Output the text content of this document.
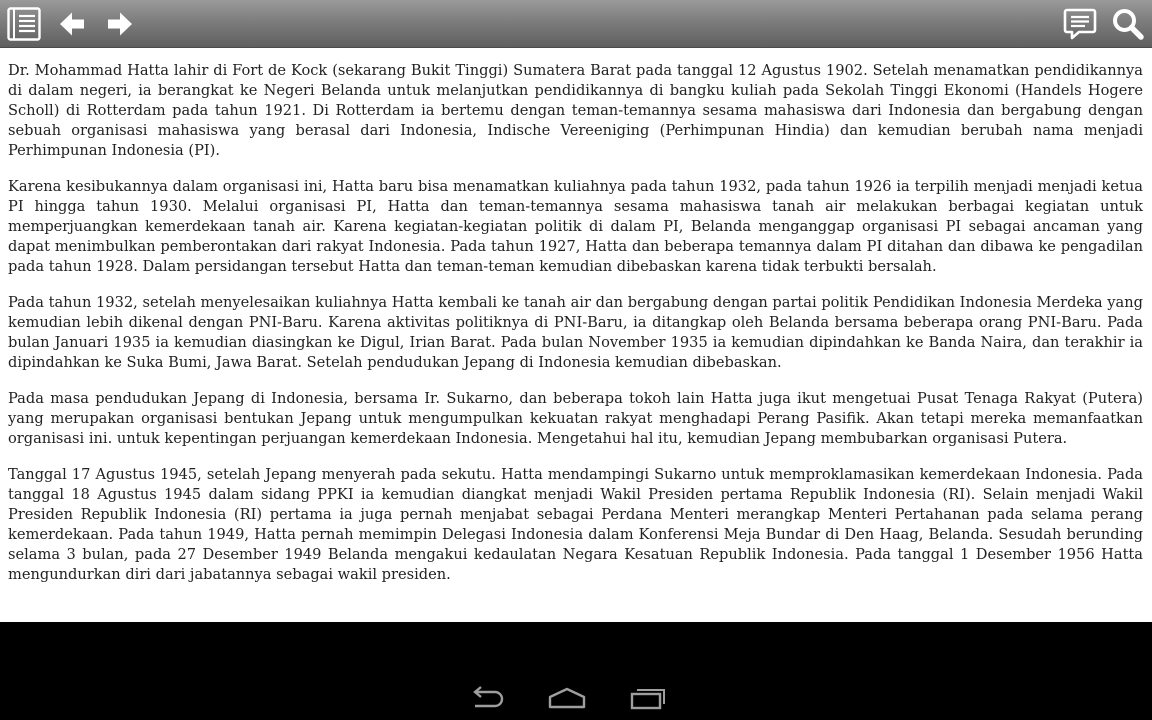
Dr. Mohammad Hatta lahir di Fort de Kock (sekarang Bukit Tinggi) Sumatera Barat pada tanggal 12 Agustus 1902. Setelah menamatkan pendidikannya di dalam negeri, ia berangkat ke Negeri Belanda untuk melanjutkan pendidikannya di bangku kuliah pada Sekolah Tinggi Ekonomi (Handels Hogere Scholl) di Rotterdam pada tahun 1921. Di Rotterdam ia bertemu dengan teman-temannya sesama mahasiswa dari Indonesia dan bergabung dengan sebuah organisasi mahasiswa yang berasal dari Indonesia, Indische Vereeniging (Perhimpunan Hindia) dan kemudian berubah nama menjadi Perhimpunan Indonesia (PI).

Karena kesibukannya dalam organisasi ini, Hatta baru bisa menamatkan kuliahnya pada tahun 1932, pada tahun 1926 ia terpilih menjadi menjadi ketua PI hingga tahun 1930. Melalui organisasi PI, Hatta dan teman-temannya sesama mahasiswa tanah air melakukan berbagai kegiatan untuk memperjuangkan kemerdekaan tanah air. Karena kegiatan-kegiatan politik di dalam PI, Belanda menganggap organisasi PI sebagai ancaman yang dapat menimbulkan pemberontakan dari rakyat Indonesia. Pada tahun 1927, Hatta dan beberapa temannya dalam PI ditahan dan dibawa ke pengadilan pada tahun 1928. Dalam persidangan tersebut Hatta dan teman-teman kemudian dibebaskan karena tidak terbukti bersalah.

Pada tahun 1932, setelah menyelesaikan kuliahnya Hatta kembali ke tanah air dan bergabung dengan partai politik Pendidikan Indonesia Merdeka yang kemudian lebih dikenal dengan PNI-Baru. Karena aktivitas politiknya di PNI-Baru, ia ditangkap oleh Belanda bersama beberapa orang PNI-Baru. Pada bulan Januari 1935 ia kemudian diasingkan ke Digul, Irian Barat. Pada bulan November 1935 ia kemudian dipindahkan ke Banda Naira, dan terakhir ia dipindahkan ke Suka Bumi, Jawa Barat. Setelah pendudukan Jepang di Indonesia kemudian dibebaskan.

Pada masa pendudukan Jepang di Indonesia, bersama Ir. Sukarno, dan beberapa tokoh lain Hatta juga ikut mengetuai Pusat Tenaga Rakyat (Putera) yang merupakan organisasi bentukan Jepang untuk mengumpulkan kekuatan rakyat menghadapi Perang Pasifik. Akan tetapi mereka memanfaatkan organisasi ini. untuk kepentingan perjuangan kemerdekaan Indonesia. Mengetahui hal itu, kemudian Jepang membubarkan organisasi Putera.

Tanggal 17 Agustus 1945, setelah Jepang menyerah pada sekutu. Hatta mendampingi Sukarno untuk memproklamasikan kemerdekaan Indonesia. Pada tanggal 18 Agustus 1945 dalam sidang PPKI ia kemudian diangkat menjadi Wakil Presiden pertama Republik Indonesia (RI). Selain menjadi Wakil Presiden Republik Indonesia (RI) pertama ia juga pernah menjabat sebagai Perdana Menteri merangkap Menteri Pertahanan pada selama perang kemerdekaan. Pada tahun 1949, Hatta pernah memimpin Delegasi Indonesia dalam Konferensi Meja Bundar di Den Haag, Belanda. Sesudah berunding selama 3 bulan, pada 27 Desember 1949 Belanda mengakui kedaulatan Negara Kesatuan Republik Indonesia. Pada tanggal 1 Desember 1956 Hatta mengundurkan diri dari jabatannya sebagai wakil presiden.
